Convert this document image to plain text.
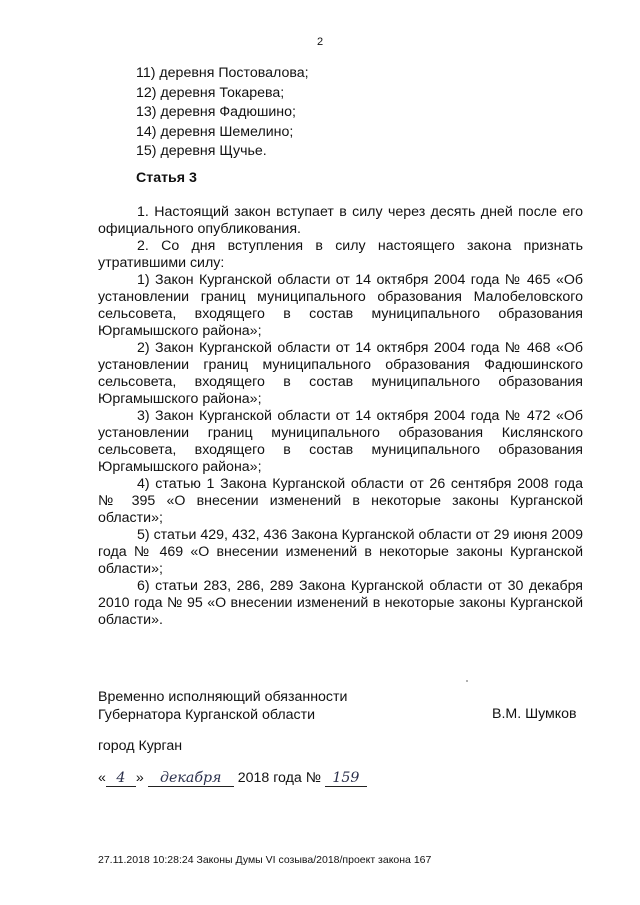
2
11) деревня Постовалова;
12) деревня Токарева;
13) деревня Фадюшино;
14) деревня Шемелино;
15) деревня Щучье.
Статья 3
1. Настоящий закон вступает в силу через десять дней после его официального опубликования.
2. Со дня вступления в силу настоящего закона признать утратившими силу:
1) Закон Курганской области от 14 октября 2004 года № 465 «Об установлении границ муниципального образования Малобеловского сельсовета, входящего в состав муниципального образования Юргамышского района»;
2) Закон Курганской области от 14 октября 2004 года № 468 «Об установлении границ муниципального образования Фадюшинского сельсовета, входящего в состав муниципального образования Юргамышского района»;
3) Закон Курганской области от 14 октября 2004 года № 472 «Об установлении границ муниципального образования Кислянского сельсовета, входящего в состав муниципального образования Юргамышского района»;
4) статью 1 Закона Курганской области от 26 сентября 2008 года № 395 «О внесении изменений в некоторые законы Курганской области»;
5) статьи 429, 432, 436 Закона Курганской области от 29 июня 2009 года № 469 «О внесении изменений в некоторые законы Курганской области»;
6) статьи 283, 286, 289 Закона Курганской области от 30 декабря 2010 года № 95 «О внесении изменений в некоторые законы Курганской области».
Временно исполняющий обязанности
Губернатора Курганской области	В.М. Шумков
город Курган
« 4 » декабря 2018 года № 159
27.11.2018 10:28:24 Законы Думы VI созыва/2018/проект закона 167
